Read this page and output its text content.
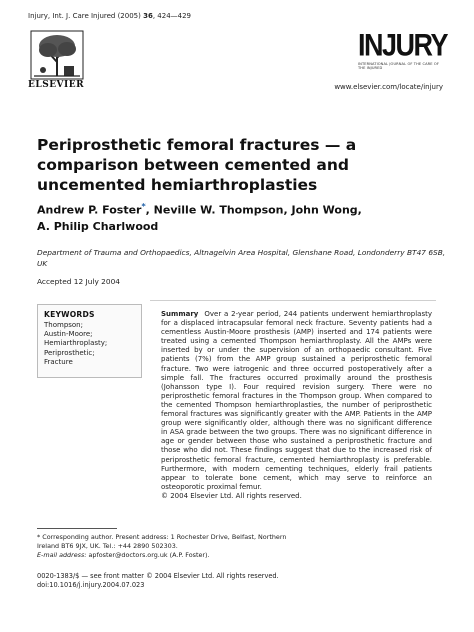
Injury, Int. J. Care Injured (2005) 36, 424—429
ELSEVIER
INJURY
INTERNATIONAL JOURNAL OF THE CARE OF THE INJURED
www.elsevier.com/locate/injury
Periprosthetic femoral fractures — a comparison between cemented and uncemented hemiarthroplasties
Andrew P. Foster*, Neville W. Thompson, John Wong,
A. Philip Charlwood
Department of Trauma and Orthopaedics, Altnagelvin Area Hospital, Glenshane Road, Londonderry BT47 6SB, UK
Accepted 12 July 2004
KEYWORDS
Thompson;
Austin-Moore;
Hemiarthroplasty;
Periprosthetic;
Fracture
Summary Over a 2-year period, 244 patients underwent hemiarthroplasty for a displaced intracapsular femoral neck fracture. Seventy patients had a cementless Austin-Moore prosthesis (AMP) inserted and 174 patients were treated using a cemented Thompson hemiarthroplasty. All the AMPs were inserted by or under the supervision of an orthopaedic consultant. Five patients (7%) from the AMP group sustained a periprosthetic femoral fracture. Two were iatrogenic and three occurred postoperatively after a simple fall. The fractures occurred proximally around the prosthesis (Johansson type I). Four required revision surgery. There were no periprosthetic femoral fractures in the Thompson group. When compared to the cemented Thompson hemiarthroplasties, the number of periprosthetic femoral fractures was significantly greater with the AMP. Patients in the AMP group were significantly older, although there was no significant difference in ASA grade between the two groups. There was no significant difference in age or gender between those who sustained a periprosthetic fracture and those who did not. These findings suggest that due to the increased risk of periprosthetic femoral fracture, cemented hemiarthroplasty is preferable. Furthermore, with modern cementing techniques, elderly frail patients appear to tolerate bone cement, which may serve to reinforce an osteoporotic proximal femur.
© 2004 Elsevier Ltd. All rights reserved.
* Corresponding author. Present address: 1 Rochester Drive, Belfast, Northern Ireland BT6 9JX, UK. Tel.: +44 2890 502303.
E-mail address: apfoster@doctors.org.uk (A.P. Foster).
0020-1383/$ — see front matter © 2004 Elsevier Ltd. All rights reserved.
doi:10.1016/j.injury.2004.07.023
